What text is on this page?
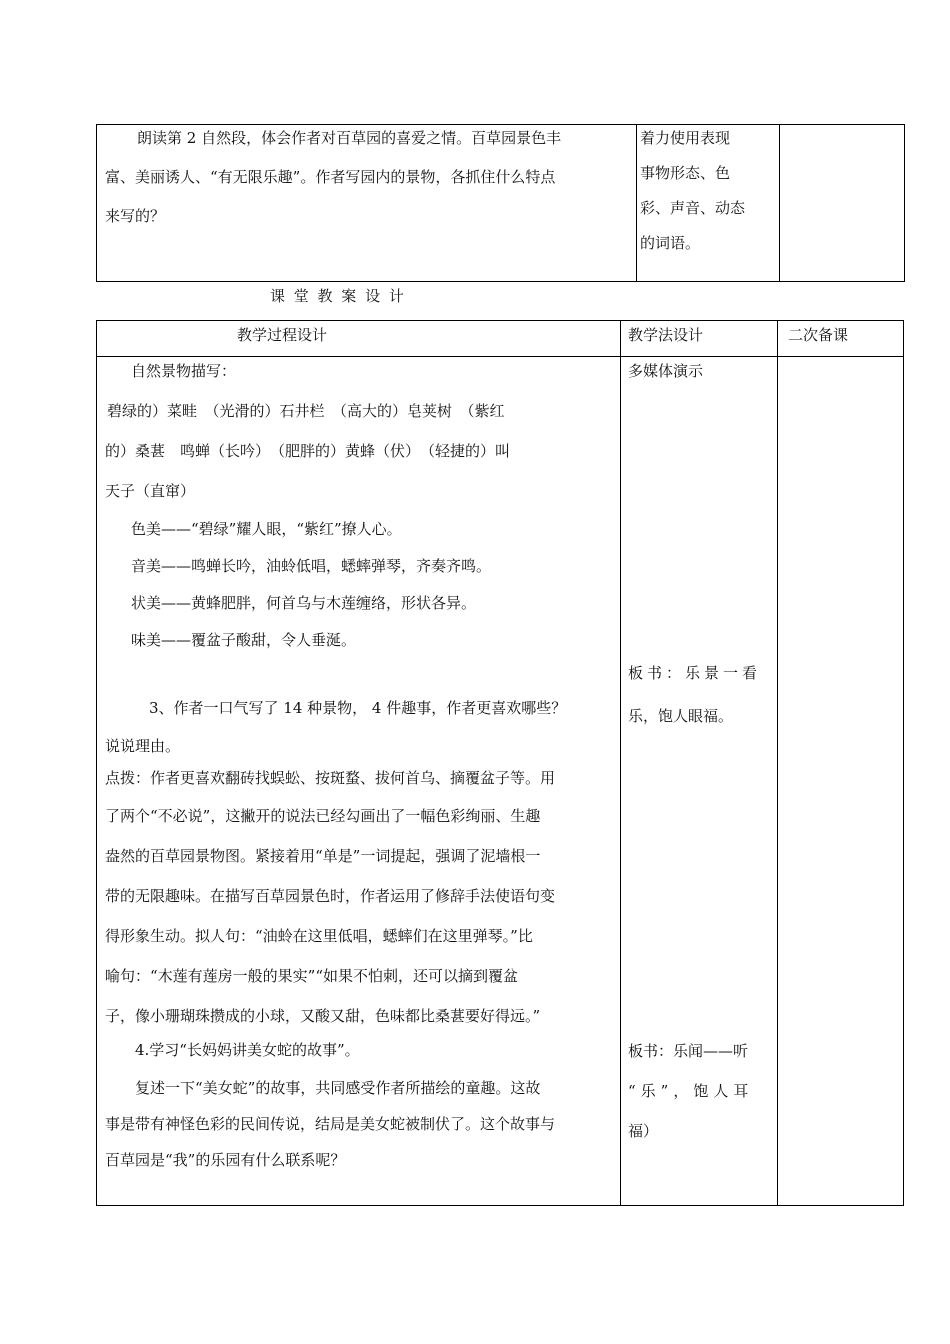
朗读第 2 自然段，体会作者对百草园的喜爱之情。百草园景色丰

富、美丽诱人、“有无限乐趣”。作者写园内的景物，各抓住什么特点

来写的？

着力使用表现

事物形态、色

彩、声音、动态

的词语。

课 堂 教 案 设 计
教学过程设计	教学法设计	二次备课

自然景物描写：

碧绿的）菜畦　（光滑的）石井栏　（高大的）皂荚树　（紫红

的）桑葚　鸣蝉（长吟）　（肥胖的）黄蜂（伏）　（轻捷的）叫

天子（直窜）

色美——“碧绿”耀人眼，“紫红”撩人心。

音美——鸣蝉长吟，油蛉低唱，蟋蟀弹琴，齐奏齐鸣。

状美——黄蜂肥胖，何首乌与木莲缠络，形状各异。

味美——覆盆子酸甜，令人垂涎。

3、作者一口气写了 14 种景物， 4 件趣事，作者更喜欢哪些？

说说理由。

点拨：作者更喜欢翻砖找蜈蚣、按斑蝥、拔何首乌、摘覆盆子等。用

了两个“不必说”，这撇开的说法已经勾画出了一幅色彩绚丽、生趣

盎然的百草园景物图。紧接着用“单是”一词提起，强调了泥墙根一

带的无限趣味。在描写百草园景色时，作者运用了修辞手法使语句变

得形象生动。拟人句：“油蛉在这里低唱，蟋蟀们在这里弹琴。”比

喻句：“木莲有莲房一般的果实”“如果不怕刺，还可以摘到覆盆

子，像小珊瑚珠攒成的小球，又酸又甜，色味都比桑葚要好得远。”

4.学习“长妈妈讲美女蛇的故事”。

复述一下“美女蛇”的故事，共同感受作者所描绘的童趣。这故

事是带有神怪色彩的民间传说，结局是美女蛇被制伏了。这个故事与

百草园是“我”的乐园有什么联系呢？

多媒体演示
板书：乐景一看
乐，饱人眼福。
板书：乐闻——听
“乐”，饱人耳
福）
